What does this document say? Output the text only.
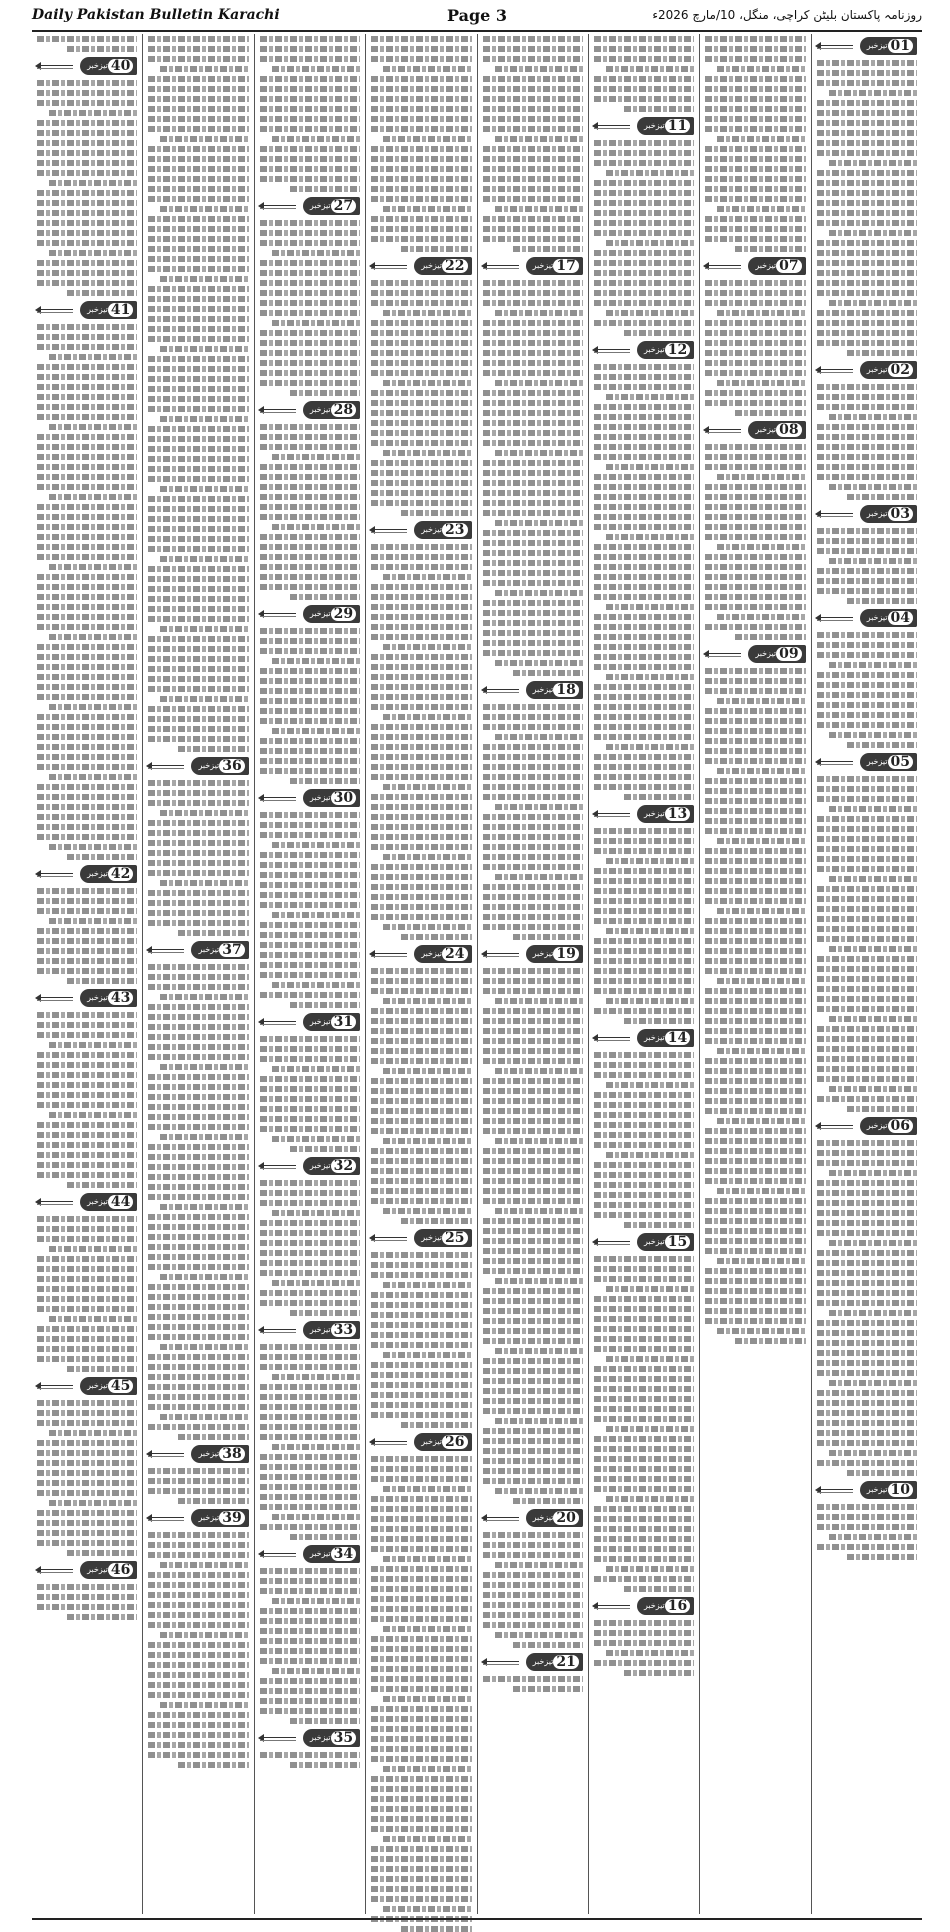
Daily Pakistan Bulletin Karachi	Page 3	روزنامہ پاکستان بلیٹن کراچی، منگل، 10/مارچ 2026ء
01
تیزخبر
02
تیزخبر
03
تیزخبر
04
تیزخبر
05
تیزخبر
06
تیزخبر
10
تیزخبر
07
تیزخبر
08
تیزخبر
09
تیزخبر
11
تیزخبر
12
تیزخبر
13
تیزخبر
14
تیزخبر
15
تیزخبر
16
تیزخبر
17
تیزخبر
18
تیزخبر
19
تیزخبر
20
تیزخبر
21
تیزخبر
22
تیزخبر
23
تیزخبر
24
تیزخبر
25
تیزخبر
26
تیزخبر
27
تیزخبر
28
تیزخبر
29
تیزخبر
30
تیزخبر
31
تیزخبر
32
تیزخبر
33
تیزخبر
34
تیزخبر
35
تیزخبر
36
تیزخبر
37
تیزخبر
38
تیزخبر
39
تیزخبر
40
تیزخبر
41
تیزخبر
42
تیزخبر
43
تیزخبر
44
تیزخبر
45
تیزخبر
46
تیزخبر
